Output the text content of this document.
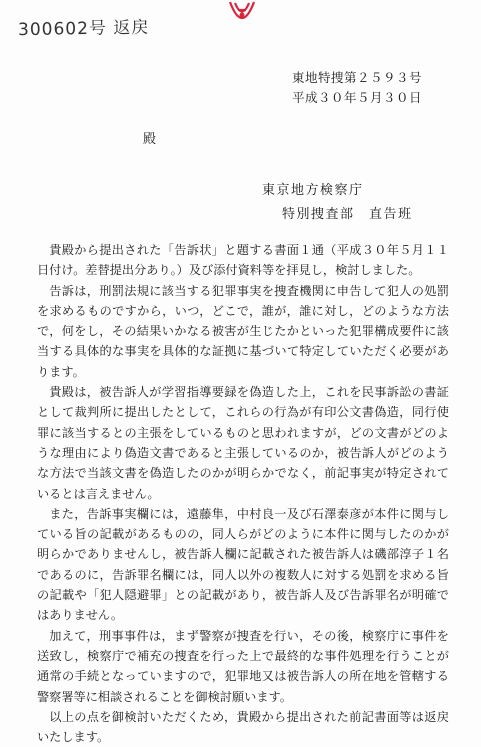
300602号 返戻
東地特捜第２５９３号
平成３０年５月３０日
殿
東京地方検察庁
特別捜査部　直告班

貴殿から提出された「告訴状」と題する書面１通（平成３０年５月１１日付け。差替提出分あり。）及び添付資料等を拝見し，検討しました。

告訴は，刑罰法規に該当する犯罪事実を捜査機関に申告して犯人の処罰を求めるものですから，いつ，どこで，誰が，誰に対し，どのような方法で，何をし，その結果いかなる被害が生じたかといった犯罪構成要件に該当する具体的な事実を具体的な証拠に基づいて特定していただく必要があります。

貴殿は，被告訴人が学習指導要録を偽造した上，これを民事訴訟の書証として裁判所に提出したとして，これらの行為が有印公文書偽造，同行使罪に該当するとの主張をしているものと思われますが，どの文書がどのような理由により偽造文書であると主張しているのか，被告訴人がどのような方法で当該文書を偽造したのかが明らかでなく，前記事実が特定されているとは言えません。

また，告訴事実欄には，遠藤隼，中村良一及び石澤泰彦が本件に関与している旨の記載があるものの，同人らがどのように本件に関与したのかが明らかでありませんし，被告訴人欄に記載された被告訴人は磯部淳子１名であるのに，告訴罪名欄には，同人以外の複数人に対する処罰を求める旨の記載や「犯人隠避罪」との記載があり，被告訴人及び告訴罪名が明確ではありません。

加えて，刑事事件は，まず警察が捜査を行い，その後，検察庁に事件を送致し，検察庁で補充の捜査を行った上で最終的な事件処理を行うことが通常の手続となっていますので，犯罪地又は被告訴人の所在地を管轄する警察署等に相談されることを御検討願います。

以上の点を御検討いただくため，貴殿から提出された前記書面等は返戻いたします。
